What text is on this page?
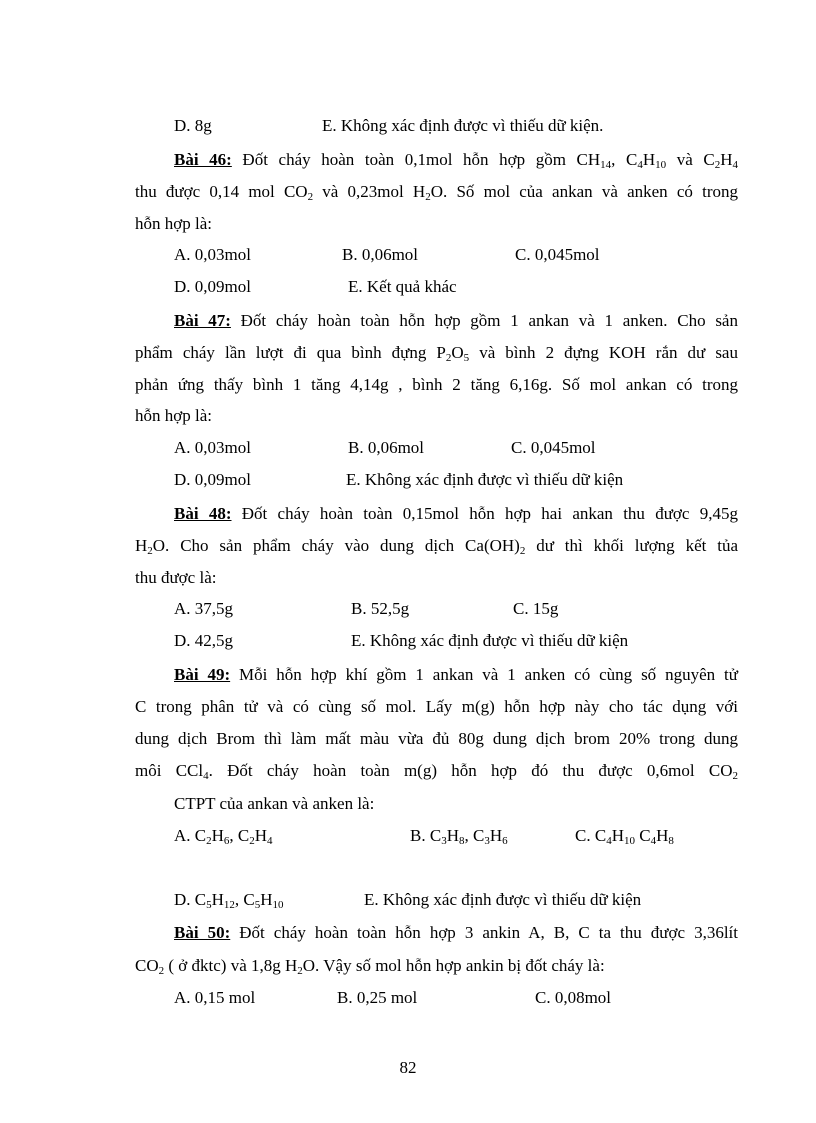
D. 8g	E. Không xác định được vì thiếu dữ kiện.
Bài 46: Đốt cháy hoàn toàn 0,1mol hỗn hợp gồm $CH_{14}$, $C_4H_{10}$ và $C_2H_4$
thu được 0,14 mol $CO_2$ và 0,23mol $H_2O$. Số mol của ankan và anken có trong
hỗn hợp là:
A. 0,03mol	B. 0,06mol	C. 0,045mol
D. 0,09mol	E. Kết quả khác
Bài 47: Đốt cháy hoàn toàn hỗn hợp gồm 1 ankan và 1 anken. Cho sản
phẩm cháy lần lượt đi qua bình đựng $P_2O_5$ và bình 2 đựng KOH rắn dư sau
phản ứng thấy bình 1 tăng 4,14g , bình 2 tăng 6,16g. Số mol ankan có trong
hỗn hợp là:
A. 0,03mol	B. 0,06mol	C. 0,045mol
D. 0,09mol	E. Không xác định được vì thiếu dữ kiện
Bài 48: Đốt cháy hoàn toàn 0,15mol hỗn hợp hai ankan thu được 9,45g
$H_2O$. Cho sản phẩm cháy vào dung dịch $Ca(OH)_2$ dư thì khối lượng kết tủa
thu được là:
A. 37,5g	B. 52,5g	C. 15g
D. 42,5g	E. Không xác định được vì thiếu dữ kiện
Bài 49: Mỗi hỗn hợp khí gồm 1 ankan và 1 anken có cùng số nguyên tử
C trong phân tử và có cùng số mol. Lấy m(g) hỗn hợp này cho tác dụng với
dung dịch Brom thì làm mất màu vừa đủ 80g dung dịch brom 20% trong dung
môi CCl$_4$. Đốt cháy hoàn toàn m(g) hỗn hợp đó thu được 0,6mol $CO_2$
CTPT của ankan và anken là:
A. $C_2H_6$, $C_2H_4$	B. $C_3H_8$, $C_3H_6$	C. $C_4H_{10}$ $C_4H_8$
D. $C_5H_{12}$, $C_5H_{10}$	E. Không xác định được vì thiếu dữ kiện
Bài 50: Đốt cháy hoàn toàn hỗn hợp 3 ankin A, B, C ta thu được 3,36lít
$CO_2$ ( ở đktc) và 1,8g $H_2O$. Vậy số mol hỗn hợp ankin bị đốt cháy là:
A. 0,15 mol	B. 0,25 mol	C. 0,08mol
82
